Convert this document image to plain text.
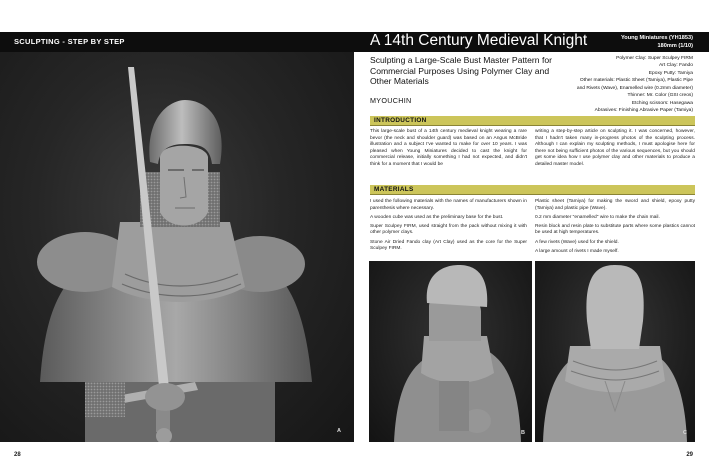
SCULPTING - STEP BY STEP	A 14th Century Medieval Knight	Young Miniatures (YH1853)
180mm (1/10)
A
Sculpting a Large-Scale Bust Master Pattern for Commercial Purposes Using Polymer Clay and Other Materials
MYOUCHIN
Polymer Clay: Super Sculpey FIRM
Art Clay: Fando
Epoxy Putty: Tamiya
Other materials: Plastic Sheet (Tamiya), Plastic Pipe
and Rivets (Wave), Enamelled wire (0.2mm diameter)
Thinner: Mr. Color (GSI creos)
Etching scissors: Hasegawa
Abrasives: Finishing Abrasive Paper (Tamiya)
INTRODUCTION

This large-scale bust of a 14th century medieval knight wearing a rare bevor (the neck and shoulder guard) was based on an Angus McBride illustration and a subject I've wanted to make for over 10 years. I was pleased when Young Miniatures decided to cast the knight for commercial release, initially something I had not expected, and didn't think for a moment that I would be

writing a step-by-step article on sculpting it. I was concerned, however, that I hadn't taken many in-progress photos of the sculpting process. Although I can explain my sculpting methods, I must apologise here for there not being sufficient photos of the various sequences, but you should get some idea how I use polymer clay and other materials to produce a detailed master model.

MATERIALS

I used the following materials with the names of manufacturers shown in parenthesis where necessary.

A wooden cube was used as the preliminary base for the bust.

Super Sculpey FIRM, used straight from the pack without mixing it with other polymer clays.

Stone Air Dried Fando clay (Art Clay) used as the core for the Super Sculpey FIRM.

Plastic sheet (Tamiya) for making the sword and shield, epoxy putty (Tamiya) and plastic pipe (Wave).

0.2 mm diameter "enamelled" wire to make the chain mail.

Resin block and resin plate to substitute parts where some plastics cannot be used at high temperatures.

A few rivets (Wave) used for the shield.

A large amount of rivets I made myself.

B	C
28	29
